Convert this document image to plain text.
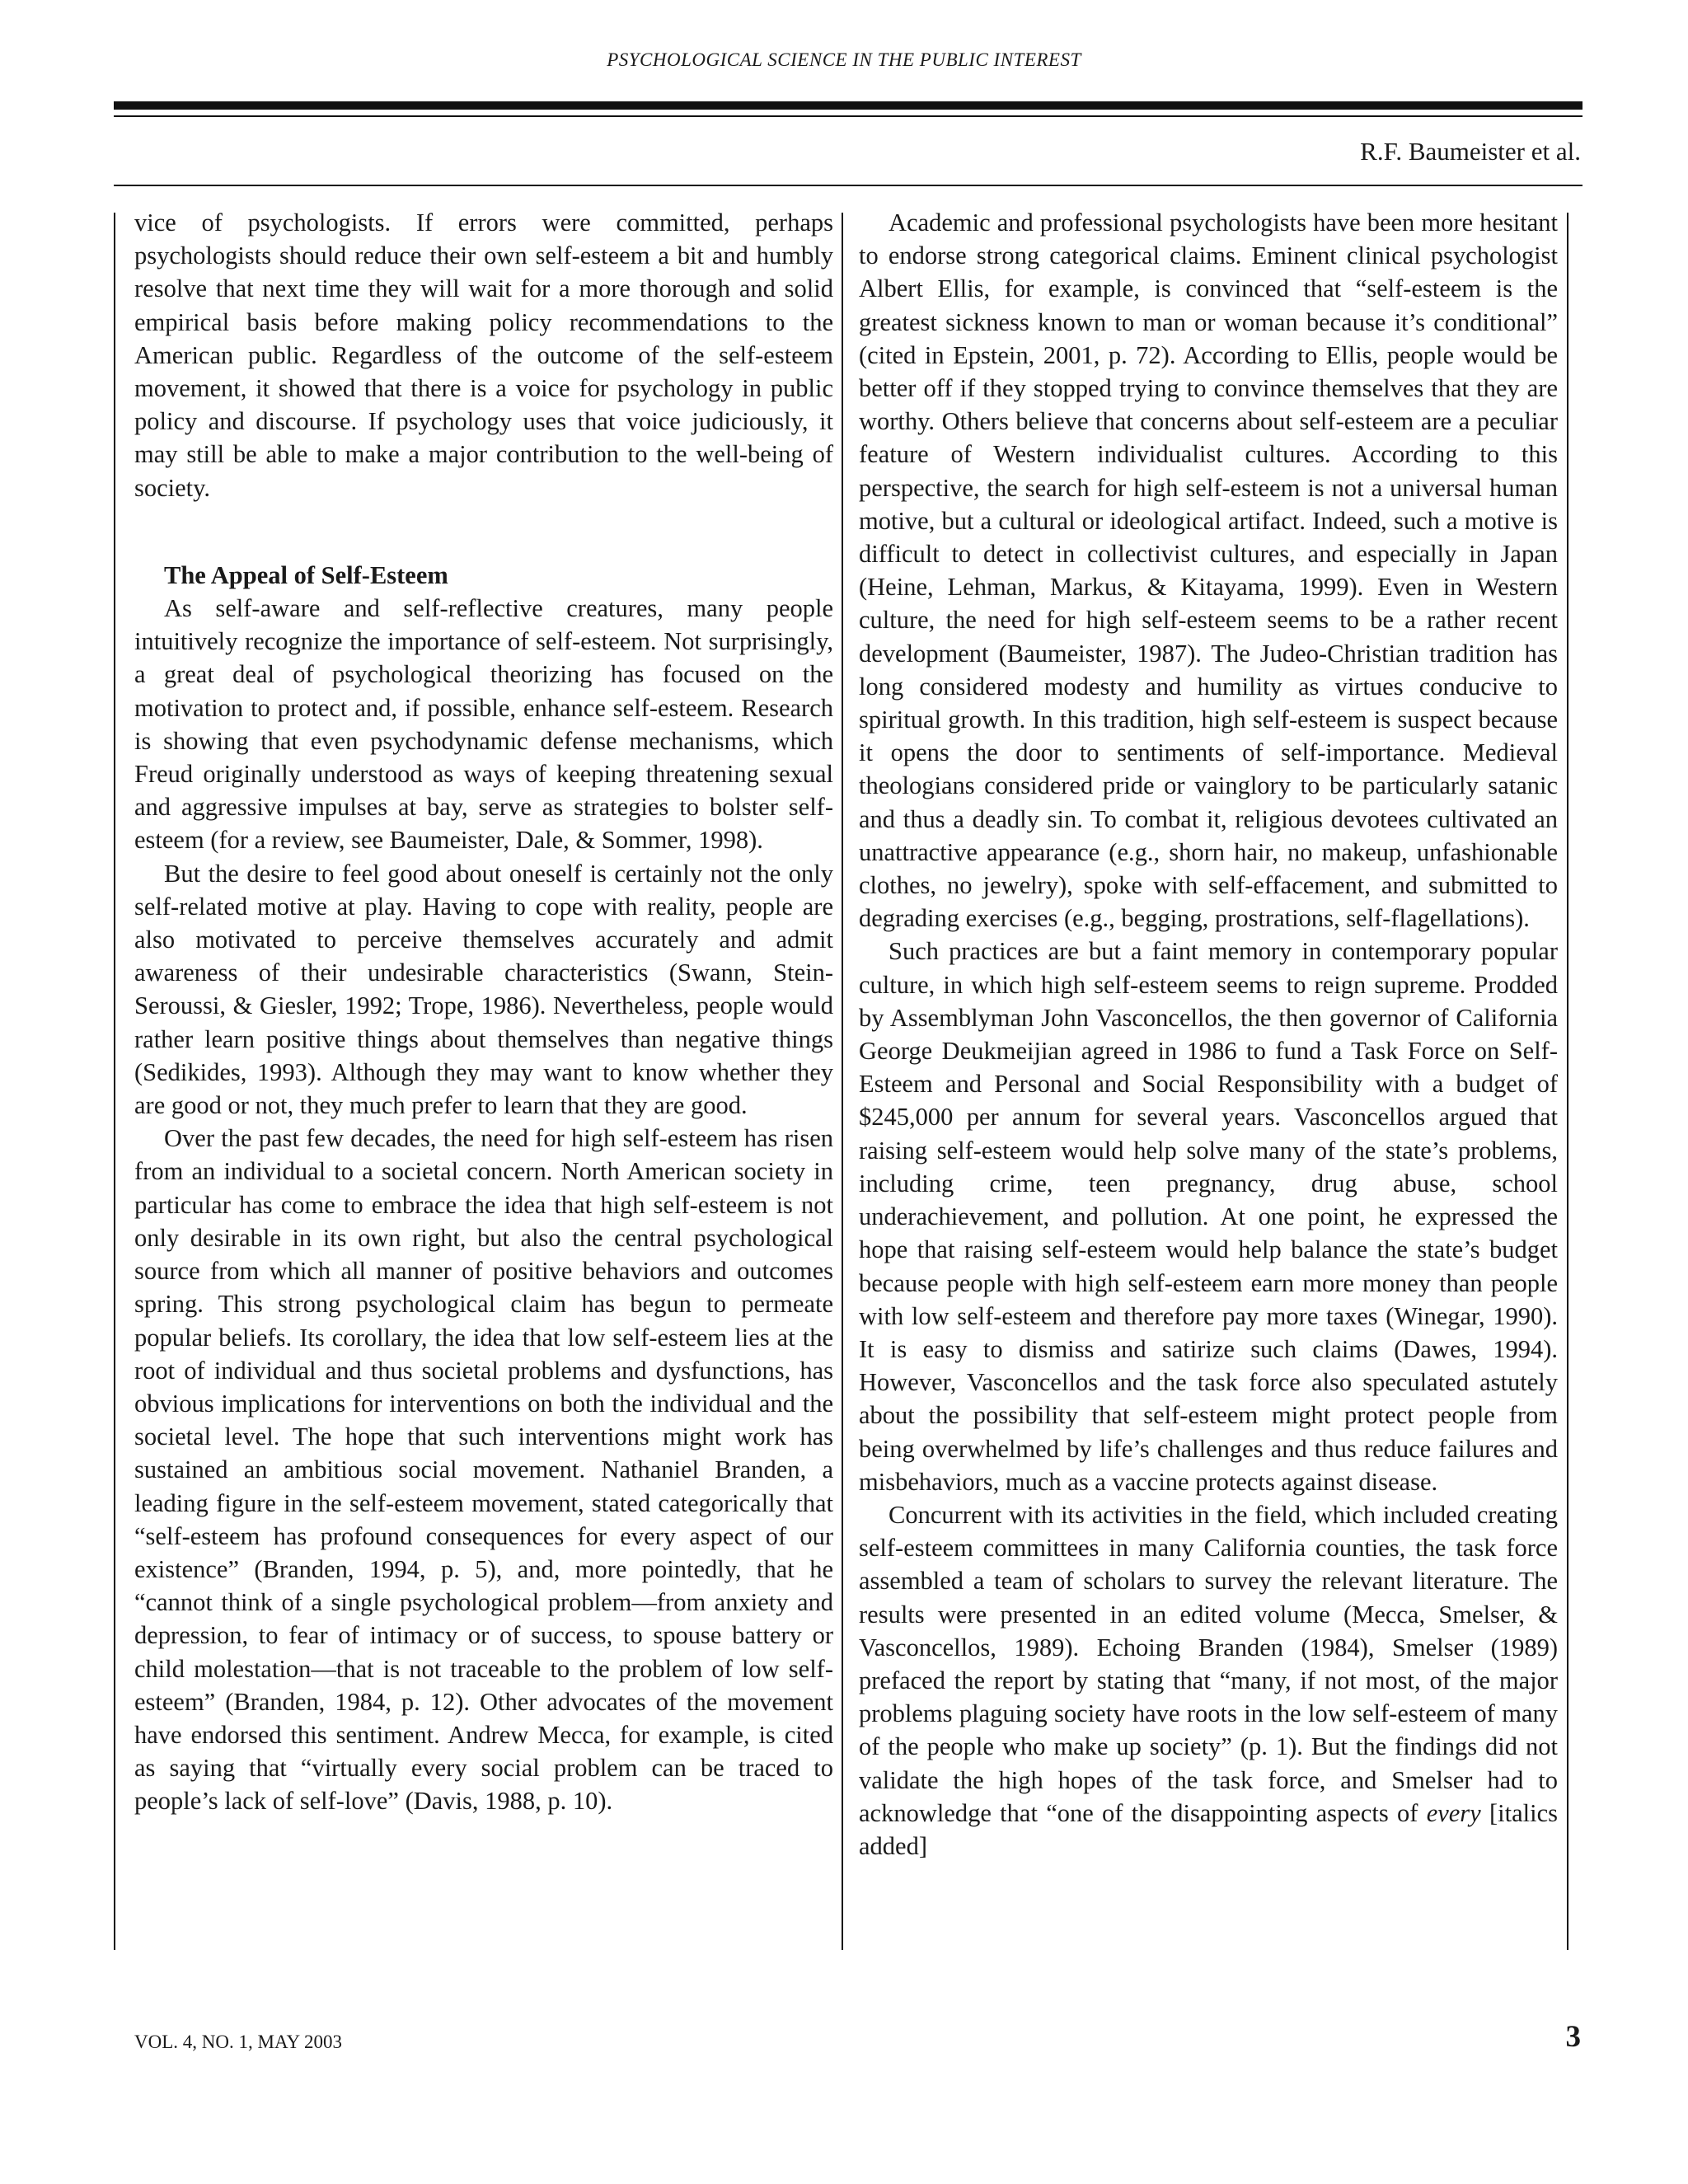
PSYCHOLOGICAL SCIENCE IN THE PUBLIC INTEREST
R.F. Baumeister et al.

vice of psychologists. If errors were committed, perhaps psychologists should reduce their own self-esteem a bit and humbly resolve that next time they will wait for a more thorough and solid empirical basis before making policy recommendations to the American public. Regardless of the outcome of the self-esteem movement, it showed that there is a voice for psychology in public policy and discourse. If psychology uses that voice judiciously, it may still be able to make a major contribution to the well-being of society.

The Appeal of Self-Esteem

As self-aware and self-reflective creatures, many people intuitively recognize the importance of self-esteem. Not surprisingly, a great deal of psychological theorizing has focused on the motivation to protect and, if possible, enhance self-esteem. Research is showing that even psychodynamic defense mechanisms, which Freud originally understood as ways of keeping threatening sexual and aggressive impulses at bay, serve as strategies to bolster self-esteem (for a review, see Baumeister, Dale, & Sommer, 1998).

But the desire to feel good about oneself is certainly not the only self-related motive at play. Having to cope with reality, people are also motivated to perceive themselves accurately and admit awareness of their undesirable characteristics (Swann, Stein-Seroussi, & Giesler, 1992; Trope, 1986). Nevertheless, people would rather learn positive things about themselves than negative things (Sedikides, 1993). Although they may want to know whether they are good or not, they much prefer to learn that they are good.

Over the past few decades, the need for high self-esteem has risen from an individual to a societal concern. North American society in particular has come to embrace the idea that high self-esteem is not only desirable in its own right, but also the central psychological source from which all manner of positive behaviors and outcomes spring. This strong psychological claim has begun to permeate popular beliefs. Its corollary, the idea that low self-esteem lies at the root of individual and thus societal problems and dysfunctions, has obvious implications for interventions on both the individual and the societal level. The hope that such interventions might work has sustained an ambitious social movement. Nathaniel Branden, a leading figure in the self-esteem movement, stated categorically that “self-esteem has profound consequences for every aspect of our existence” (Branden, 1994, p. 5), and, more pointedly, that he “cannot think of a single psychological problem—from anxiety and depression, to fear of intimacy or of success, to spouse battery or child molestation—that is not traceable to the problem of low self-esteem” (Branden, 1984, p. 12). Other advocates of the movement have endorsed this sentiment. Andrew Mecca, for example, is cited as saying that “virtually every social problem can be traced to people’s lack of self-love” (Davis, 1988, p. 10).

Academic and professional psychologists have been more hesitant to endorse strong categorical claims. Eminent clinical psychologist Albert Ellis, for example, is convinced that “self-esteem is the greatest sickness known to man or woman because it’s conditional” (cited in Epstein, 2001, p. 72). According to Ellis, people would be better off if they stopped trying to convince themselves that they are worthy. Others believe that concerns about self-esteem are a peculiar feature of Western individualist cultures. According to this perspective, the search for high self-esteem is not a universal human motive, but a cultural or ideological artifact. Indeed, such a motive is difficult to detect in collectivist cultures, and especially in Japan (Heine, Lehman, Markus, & Kitayama, 1999). Even in Western culture, the need for high self-esteem seems to be a rather recent development (Baumeister, 1987). The Judeo-Christian tradition has long considered modesty and humility as virtues conducive to spiritual growth. In this tradition, high self-esteem is suspect because it opens the door to sentiments of self-importance. Medieval theologians considered pride or vainglory to be particularly satanic and thus a deadly sin. To combat it, religious devotees cultivated an unattractive appearance (e.g., shorn hair, no makeup, unfashionable clothes, no jewelry), spoke with self-effacement, and submitted to degrading exercises (e.g., begging, prostrations, self-flagellations).

Such practices are but a faint memory in contemporary popular culture, in which high self-esteem seems to reign supreme. Prodded by Assemblyman John Vasconcellos, the then governor of California George Deukmeijian agreed in 1986 to fund a Task Force on Self-Esteem and Personal and Social Responsibility with a budget of $245,000 per annum for several years. Vasconcellos argued that raising self-esteem would help solve many of the state’s problems, including crime, teen pregnancy, drug abuse, school underachievement, and pollution. At one point, he expressed the hope that raising self-esteem would help balance the state’s budget because people with high self-esteem earn more money than people with low self-esteem and therefore pay more taxes (Winegar, 1990). It is easy to dismiss and satirize such claims (Dawes, 1994). However, Vasconcellos and the task force also speculated astutely about the possibility that self-esteem might protect people from being overwhelmed by life’s challenges and thus reduce failures and misbehaviors, much as a vaccine protects against disease.

Concurrent with its activities in the field, which included creating self-esteem committees in many California counties, the task force assembled a team of scholars to survey the relevant literature. The results were presented in an edited volume (Mecca, Smelser, & Vasconcellos, 1989). Echoing Branden (1984), Smelser (1989) prefaced the report by stating that “many, if not most, of the major problems plaguing society have roots in the low self-esteem of many of the people who make up society” (p. 1). But the findings did not validate the high hopes of the task force, and Smelser had to acknowledge that “one of the disappointing aspects of every [italics added]

VOL. 4, NO. 1, MAY 2003	3
